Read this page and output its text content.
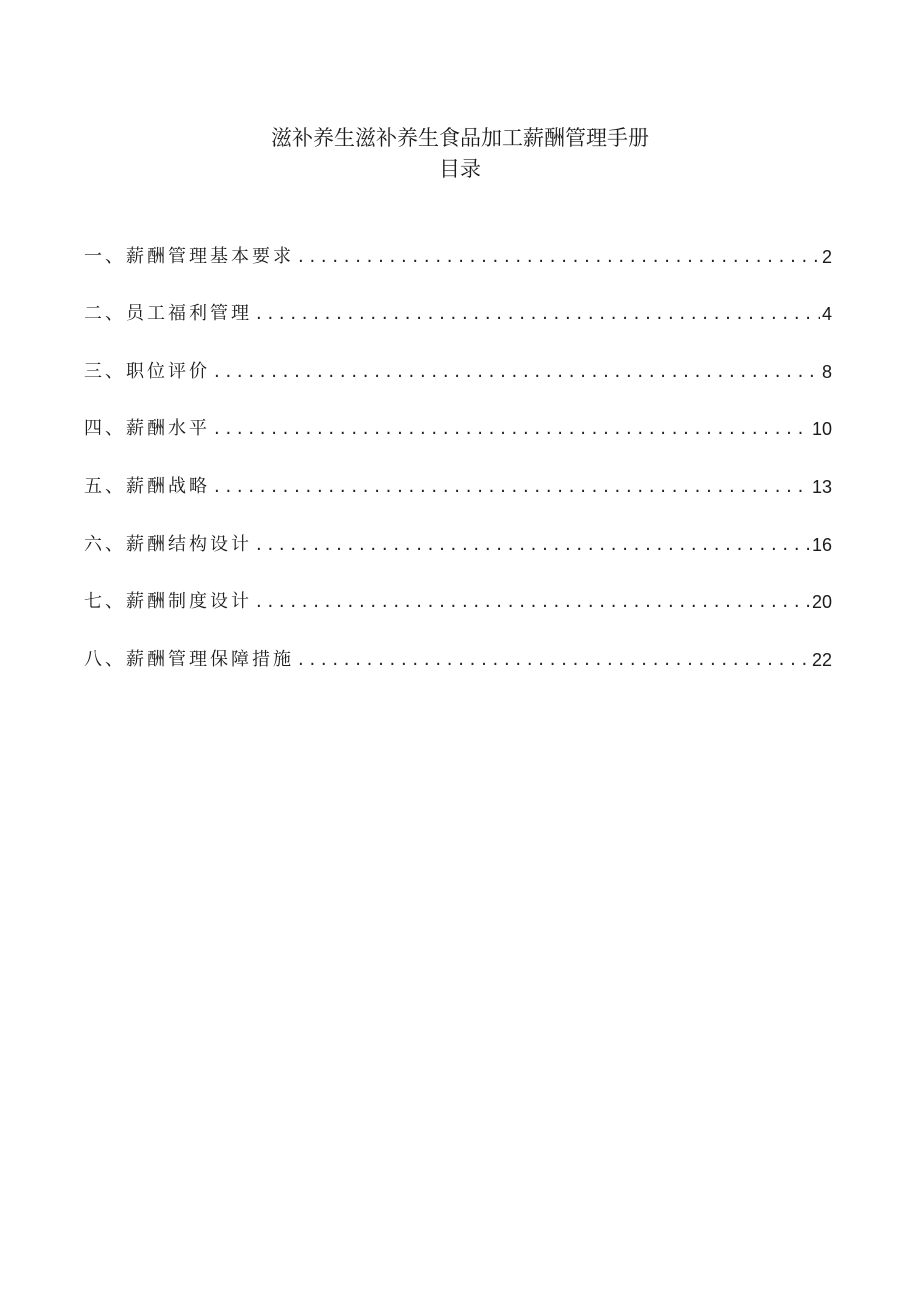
滋补养生滋补养生食品加工薪酬管理手册
目录
一、薪酬管理基本要求 . . .	2
二、员工福利管理 . . .	4
三、职位评价 . . .	8
四、薪酬水平 . . .	10
五、薪酬战略 . . .	13
六、薪酬结构设计 . . .	16
七、薪酬制度设计 . . .	20
八、薪酬管理保障措施 . . .	22
